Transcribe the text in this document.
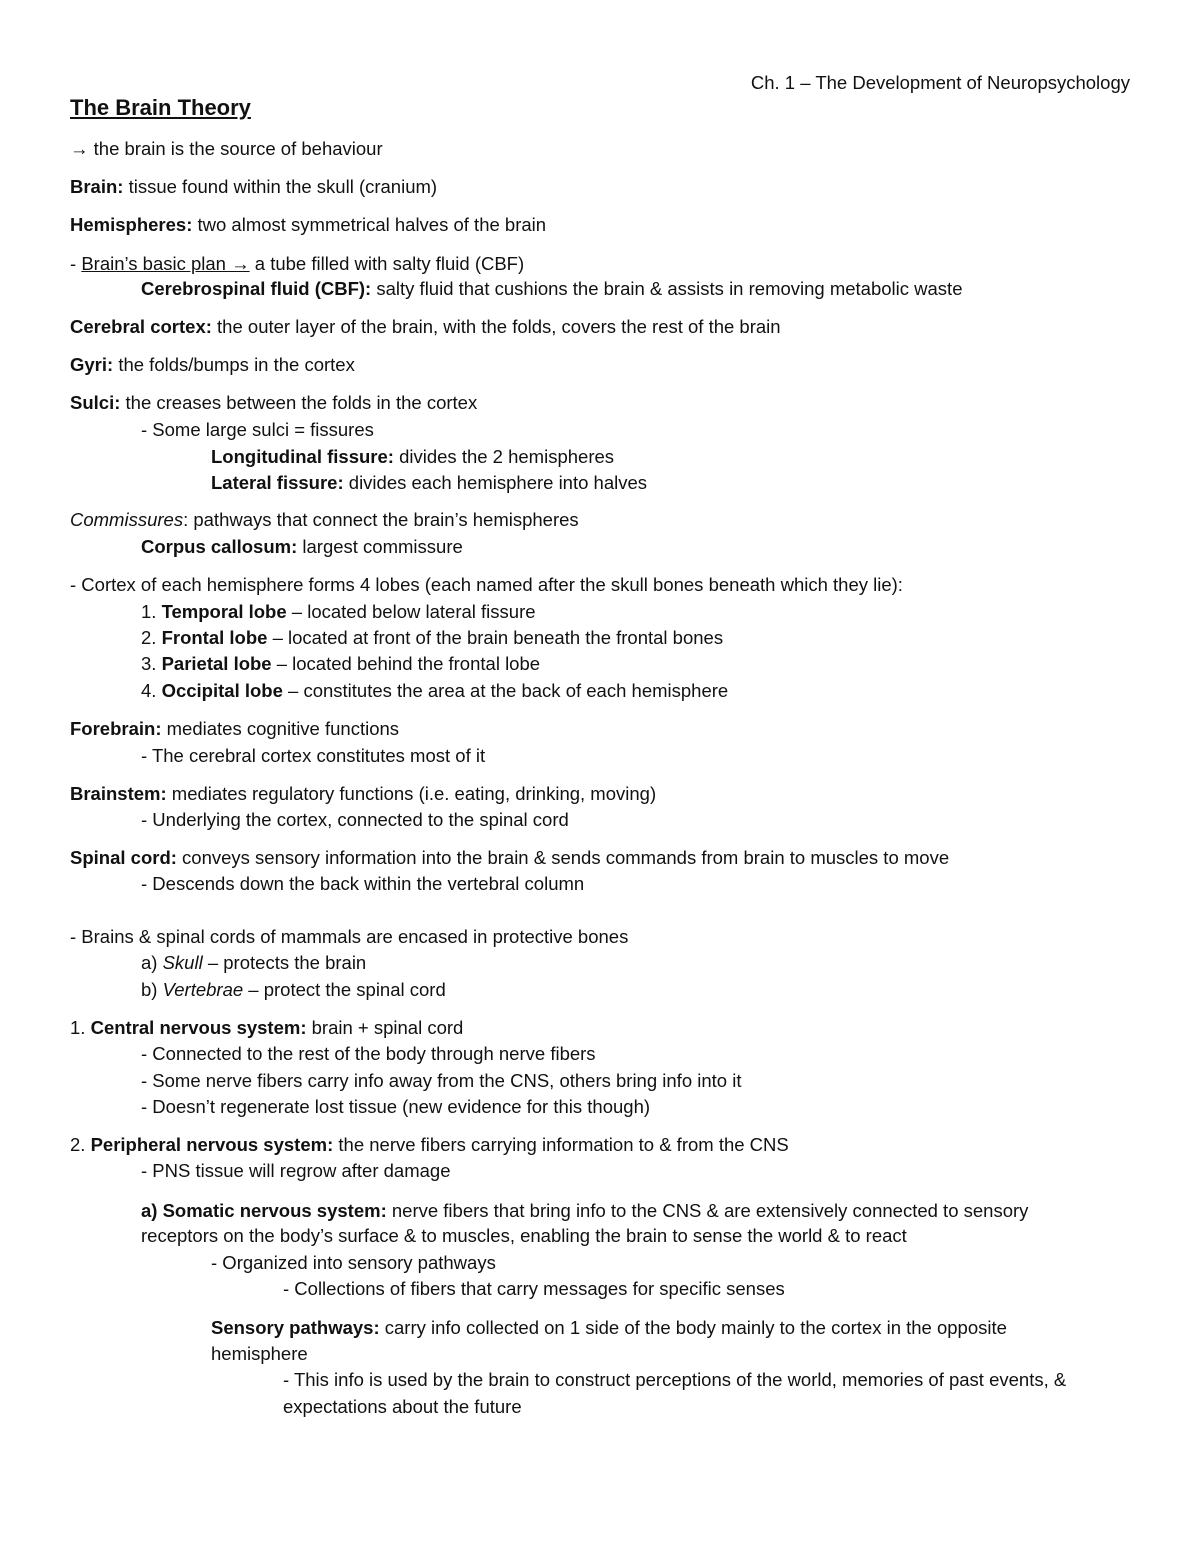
Ch. 1 – The Development of Neuropsychology
The Brain Theory
→ the brain is the source of behaviour
Brain: tissue found within the skull (cranium)
Hemispheres: two almost symmetrical halves of the brain
- Brain’s basic plan → a tube filled with salty fluid (CBF)
Cerebrospinal fluid (CBF): salty fluid that cushions the brain & assists in removing metabolic waste
Cerebral cortex: the outer layer of the brain, with the folds, covers the rest of the brain
Gyri: the folds/bumps in the cortex
Sulci: the creases between the folds in the cortex
- Some large sulci = fissures
Longitudinal fissure: divides the 2 hemispheres
Lateral fissure: divides each hemisphere into halves
Commissures: pathways that connect the brain’s hemispheres
Corpus callosum: largest commissure
- Cortex of each hemisphere forms 4 lobes (each named after the skull bones beneath which they lie):
1. Temporal lobe – located below lateral fissure
2. Frontal lobe – located at front of the brain beneath the frontal bones
3. Parietal lobe – located behind the frontal lobe
4. Occipital lobe – constitutes the area at the back of each hemisphere
Forebrain: mediates cognitive functions
- The cerebral cortex constitutes most of it
Brainstem: mediates regulatory functions (i.e. eating, drinking, moving)
- Underlying the cortex, connected to the spinal cord
Spinal cord: conveys sensory information into the brain & sends commands from brain to muscles to move
- Descends down the back within the vertebral column
- Brains & spinal cords of mammals are encased in protective bones
a) Skull – protects the brain
b) Vertebrae – protect the spinal cord
1. Central nervous system: brain + spinal cord
- Connected to the rest of the body through nerve fibers
- Some nerve fibers carry info away from the CNS, others bring info into it
- Doesn’t regenerate lost tissue (new evidence for this though)
2. Peripheral nervous system: the nerve fibers carrying information to & from the CNS
- PNS tissue will regrow after damage
a) Somatic nervous system: nerve fibers that bring info to the CNS & are extensively connected to sensory
receptors on the body’s surface & to muscles, enabling the brain to sense the world & to react
- Organized into sensory pathways
- Collections of fibers that carry messages for specific senses
Sensory pathways: carry info collected on 1 side of the body mainly to the cortex in the opposite
hemisphere
- This info is used by the brain to construct perceptions of the world, memories of past events, &
expectations about the future
